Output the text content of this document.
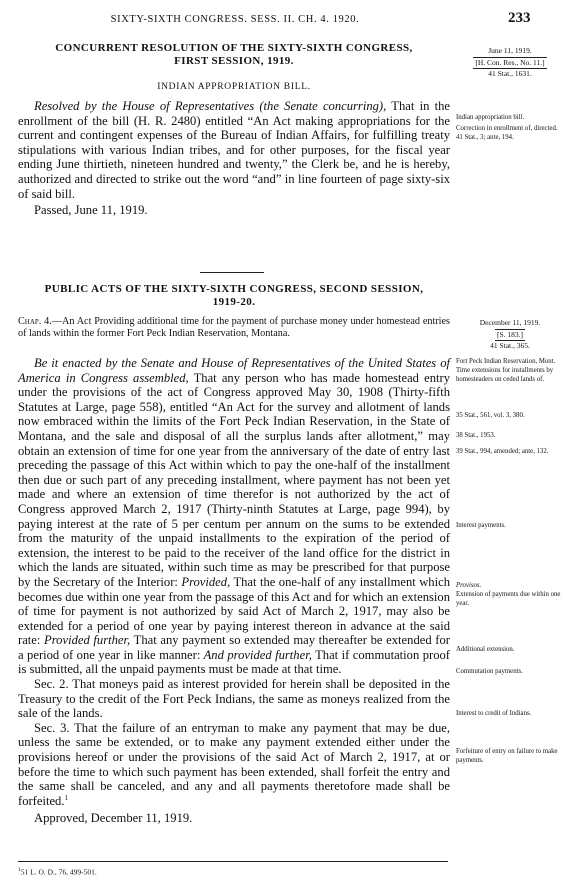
SIXTY-SIXTH CONGRESS. SESS. II. CH. 4. 1920.	233
CONCURRENT RESOLUTION OF THE SIXTY-SIXTH CONGRESS,
FIRST SESSION, 1919.
June 11, 1919.
[H. Con. Res., No. 11.]
41 Stat., 1631.
INDIAN APPROPRIATION BILL.

Resolved by the House of Representatives (the Senate concurring), That in the enrollment of the bill (H. R. 2480) entitled “An Act making appropriations for the current and contingent expenses of the Bureau of Indian Affairs, for fulfilling treaty stipulations with various Indian tribes, and for other purposes, for the fiscal year ending June thirtieth, nineteen hundred and twenty,” the Clerk be, and he is hereby, authorized and directed to strike out the word “and” in line fourteen of page sixty-six of said bill.

Passed, June 11, 1919.

Indian appropriation bill.
Correction in enrollment of, directed.
41 Stat., 3; ante, 194.
PUBLIC ACTS OF THE SIXTY-SIXTH CONGRESS, SECOND SESSION,
1919-20.

Chap. 4.—An Act Providing additional time for the payment of purchase money under homestead entries of lands within the former Fort Peck Indian Reservation, Montana.

December 11, 1919.
[S. 183.]
41 Stat., 365.

Be it enacted by the Senate and House of Representatives of the United States of America in Congress assembled, That any person who has made homestead entry under the provisions of the act of Congress approved May 30, 1908 (Thirty-fifth Statutes at Large, page 558), entitled “An Act for the survey and allotment of lands now embraced within the limits of the Fort Peck Indian Reservation, in the State of Montana, and the sale and disposal of all the surplus lands after allotment,” may obtain an extension of time for one year from the anniversary of the date of entry last preceding the passage of this Act within which to pay the one-half of the installment then due or such part of any preceding installment, where payment has not been yet made and where an extension of time therefor is not authorized by the act of Congress approved March 2, 1917 (Thirty-ninth Statutes at Large, page 994), by paying interest at the rate of 5 per centum per annum on the sums to be extended from the maturity of the unpaid installments to the expiration of the period of extension, the interest to be paid to the receiver of the land office for the district in which the lands are situated, within such time as may be prescribed for that purpose by the Secretary of the Interior: Provided, That the one-half of any installment which becomes due within one year from the passage of this Act and for which an extension of time for payment is not authorized by said Act of March 2, 1917, may also be extended for a period of one year by paying interest thereon in advance at the said rate: Provided further, That any payment so extended may thereafter be extended for a period of one year in like manner: And provided further, That if commutation proof is submitted, all the unpaid payments must be made at that time.

Sec. 2. That moneys paid as interest provided for herein shall be deposited in the Treasury to the credit of the Fort Peck Indians, the same as moneys realized from the sale of the lands.

Sec. 3. That the failure of an entryman to make any payment that may be due, unless the same be extended, or to make any payment extended either under the provisions hereof or under the provisions of the said Act of March 2, 1917, at or before the time to which such payment has been extended, shall forfeit the entry and the same shall be canceled, and any and all payments theretofore made shall be forfeited.$^1$

Approved, December 11, 1919.

Fort Peck Indian Reservation, Mont.
Time extensions for installments by homesteaders on ceded lands of.
35 Stat., 561, vol. 3, 380.
38 Stat., 1953.
39 Stat., 994, amended; ante, 132.
Interest payments.
Provisos.
Extension of payments due within one year.
Additional extension.
Commutation payments.
Interest to credit of Indians.
Forfeiture of entry on failure to make payments.
$^1$51 L. O. D., 76, 499-501.
